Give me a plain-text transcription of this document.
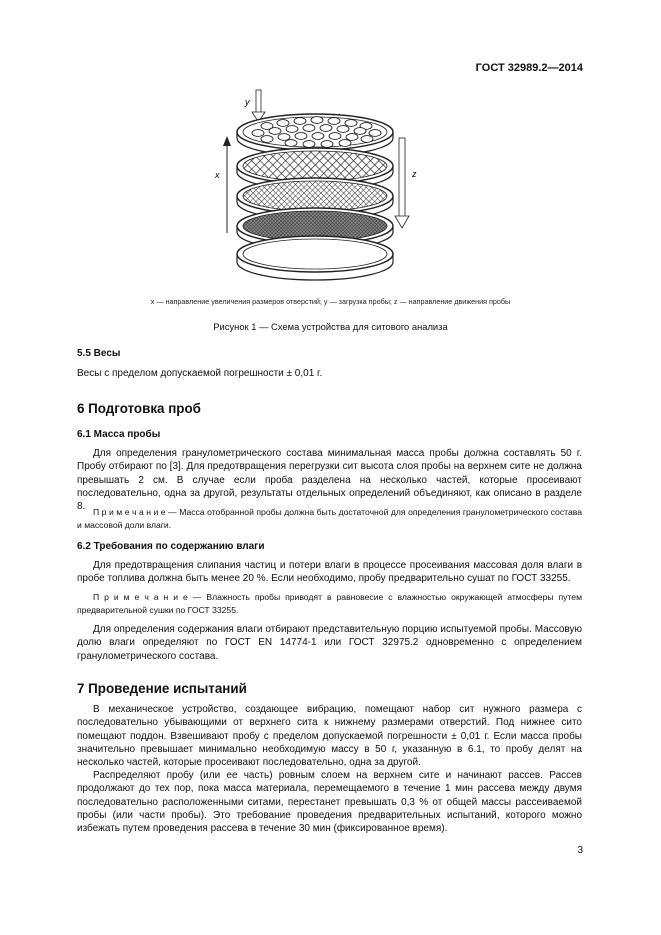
ГОСТ 32989.2—2014
x
y
z
x — направление увеличения размеров отверстий; y — загрузка пробы; z — направление движения пробы
Рисунок 1 — Схема устройства для ситового анализа
5.5 Весы
Весы с пределом допускаемой погрешности ± 0,01 г.
6 Подготовка проб
6.1 Масса пробы
Для определения гранулометрического состава минимальная масса пробы должна составлять 50 г. Пробу отбирают по [3]. Для предотвращения перегрузки сит высота слоя пробы на верхнем сите не должна превышать 2 см. В случае если проба разделена на несколько частей, которые просеивают последовательно, одна за другой, результаты отдельных определений объединяют, как описано в разделе 8. П р и м е ч а н и е — Масса отобранной пробы должна быть достаточной для определения гранулометрического состава и массовой доли влаги.
6.2 Требования по содержанию влаги
Для предотвращения слипания частиц и потери влаги в процессе просеивания массовая доля влаги в пробе топлива должна быть менее 20 %. Если необходимо, пробу предварительно сушат по ГОСТ 33255.
П р и м е ч а н и е — Влажность пробы приводят в равновесие с влажностью окружающей атмосферы путем предварительной сушки по ГОСТ 33255.
Для определения содержания влаги отбирают представительную порцию испытуемой пробы. Массовую долю влаги определяют по ГОСТ EN 14774-1 или ГОСТ 32975.2 одновременно с определением гранулометрического состава.
7 Проведение испытаний
В механическое устройство, создающее вибрацию, помещают набор сит нужного размера с последовательно убывающими от верхнего сита к нижнему размерами отверстий. Под нижнее сито помещают поддон. Взвешивают пробу с пределом допускаемой погрешности ± 0,01 г. Если масса пробы значительно превышает минимально необходимую массу в 50 г, указанную в 6.1, то пробу делят на несколько частей, которые просеивают последовательно, одна за другой.
Распределяют пробу (или ее часть) ровным слоем на верхнем сите и начинают рассев. Рассев продолжают до тех пор, пока масса материала, перемещаемого в течение 1 мин рассева между двумя последовательно расположенными ситами, перестанет превышать 0,3 % от общей массы рассеиваемой пробы (или части пробы). Это требование проведения предварительных испытаний, которого можно избежать путем проведения рассева в течение 30 мин (фиксированное время).
3
